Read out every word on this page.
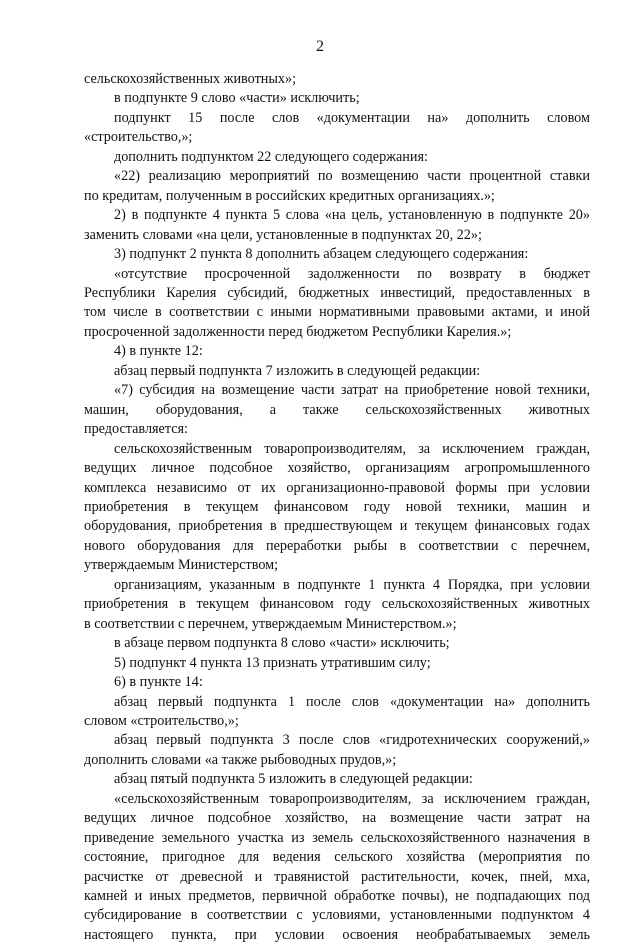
2

сельскохозяйственных животных»;

в подпункте 9 слово «части» исключить;

подпункт 15 после слов «документации на» дополнить словом

«строительство,»;

дополнить подпунктом 22 следующего содержания:

«22) реализацию мероприятий по возмещению части процентной ставки

по кредитам, полученным в российских кредитных организациях.»;

2) в подпункте 4 пункта 5 слова «на цель, установленную в подпункте 20»

заменить словами «на цели, установленные в подпунктах 20, 22»;

3) подпункт 2 пункта 8 дополнить абзацем следующего содержания:

«отсутствие просроченной задолженности по возврату в бюджет

Республики Карелия субсидий, бюджетных инвестиций, предоставленных в

том числе в соответствии с иными нормативными правовыми актами, и иной

просроченной задолженности перед бюджетом Республики Карелия.»;

4) в пункте 12:

абзац первый подпункта 7 изложить в следующей редакции:

«7) субсидия на возмещение части затрат на приобретение новой техники,

машин, оборудования, а также сельскохозяйственных животных

предоставляется:

сельскохозяйственным товаропроизводителям, за исключением граждан,

ведущих личное подсобное хозяйство, организациям агропромышленного

комплекса независимо от их организационно-правовой формы при условии

приобретения в текущем финансовом году новой техники, машин и

оборудования, приобретения в предшествующем и текущем финансовых годах

нового оборудования для переработки рыбы в соответствии с перечнем,

утверждаемым Министерством;

организациям, указанным в подпункте 1 пункта 4 Порядка, при условии

приобретения в текущем финансовом году сельскохозяйственных животных

в соответствии с перечнем, утверждаемым Министерством.»;

в абзаце первом подпункта 8 слово «части» исключить;

5) подпункт 4 пункта 13 признать утратившим силу;

6) в пункте 14:

абзац первый подпункта 1 после слов «документации на» дополнить

словом «строительство,»;

абзац первый подпункта 3 после слов «гидротехнических сооружений,»

дополнить словами «а также рыбоводных прудов,»;

абзац пятый подпункта 5 изложить в следующей редакции:

«сельскохозяйственным товаропроизводителям, за исключением граждан,

ведущих личное подсобное хозяйство, на возмещение части затрат на

приведение земельного участка из земель сельскохозяйственного назначения в

состояние, пригодное для ведения сельского хозяйства (мероприятия по

расчистке от древесной и травянистой растительности, кочек, пней, мха,

камней и иных предметов, первичной обработке почвы), не подпадающих под

субсидирование в соответствии с условиями, установленными подпунктом 4

настоящего пункта, при условии освоения необрабатываемых земель
